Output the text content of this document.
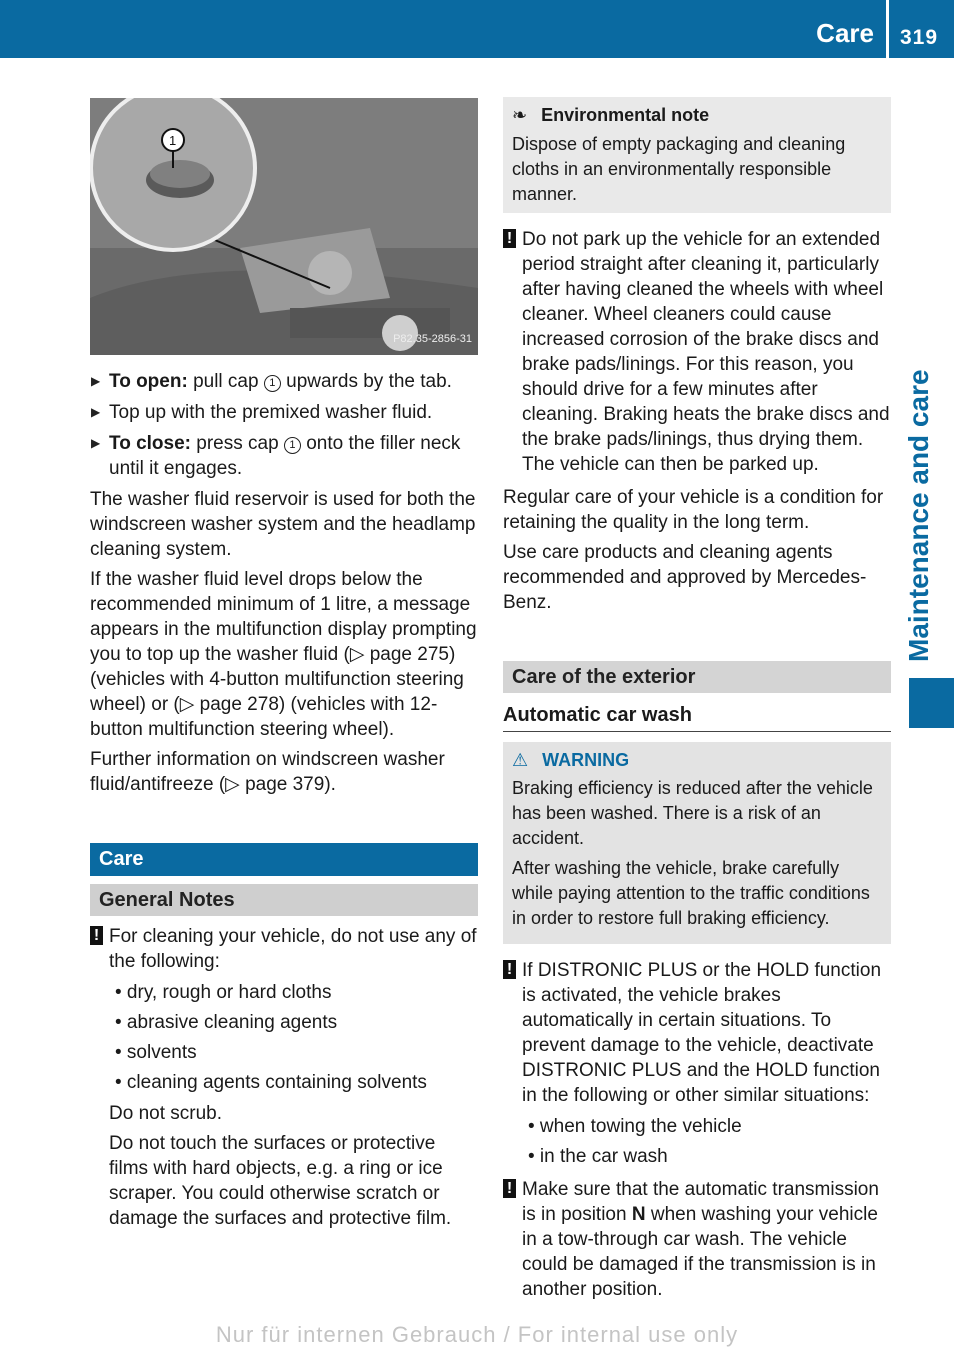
Care 319
Maintenance and care
1
P82.35-2856-31
▶ To open: pull cap 1 upwards by the tab.
▶ Top up with the premixed washer fluid.
▶ To close: press cap 1 onto the filler neck until it engages.

The washer fluid reservoir is used for both the windscreen washer system and the headlamp cleaning system.

If the washer fluid level drops below the recommended minimum of 1 litre, a message appears in the multifunction display prompting you to top up the washer fluid (▷ page 275) (vehicles with 4-button multifunction steering wheel) or (▷ page 278) (vehicles with 12-button multifunction steering wheel).

Further information on windscreen washer fluid/antifreeze (▷ page 379).

Care
General Notes
! For cleaning your vehicle, do not use any of the following:
• dry, rough or hard cloths
• abrasive cleaning agents
• solvents
• cleaning agents containing solvents

Do not scrub.

Do not touch the surfaces or protective films with hard objects, e.g. a ring or ice scraper. You could otherwise scratch or damage the surfaces and protective film.

❧ Environmental note
Dispose of empty packaging and cleaning cloths in an environmentally responsible manner.
! Do not park up the vehicle for an extended period straight after cleaning it, particularly after having cleaned the wheels with wheel cleaner. Wheel cleaners could cause increased corrosion of the brake discs and brake pads/linings. For this reason, you should drive for a few minutes after cleaning. Braking heats the brake discs and the brake pads/linings, thus drying them. The vehicle can then be parked up.

Regular care of your vehicle is a condition for retaining the quality in the long term.

Use care products and cleaning agents recommended and approved by Mercedes-Benz.

Care of the exterior
Automatic car wash
⚠ WARNING

Braking efficiency is reduced after the vehicle has been washed. There is a risk of an accident.

After washing the vehicle, brake carefully while paying attention to the traffic conditions in order to restore full braking efficiency.

! If DISTRONIC PLUS or the HOLD function is activated, the vehicle brakes automatically in certain situations. To prevent damage to the vehicle, deactivate DISTRONIC PLUS and the HOLD function in the following or other similar situations:
• when towing the vehicle
• in the car wash
! Make sure that the automatic transmission is in position N when washing your vehicle in a tow-through car wash. The vehicle could be damaged if the transmission is in another position.
Nur für internen Gebrauch / For internal use only
